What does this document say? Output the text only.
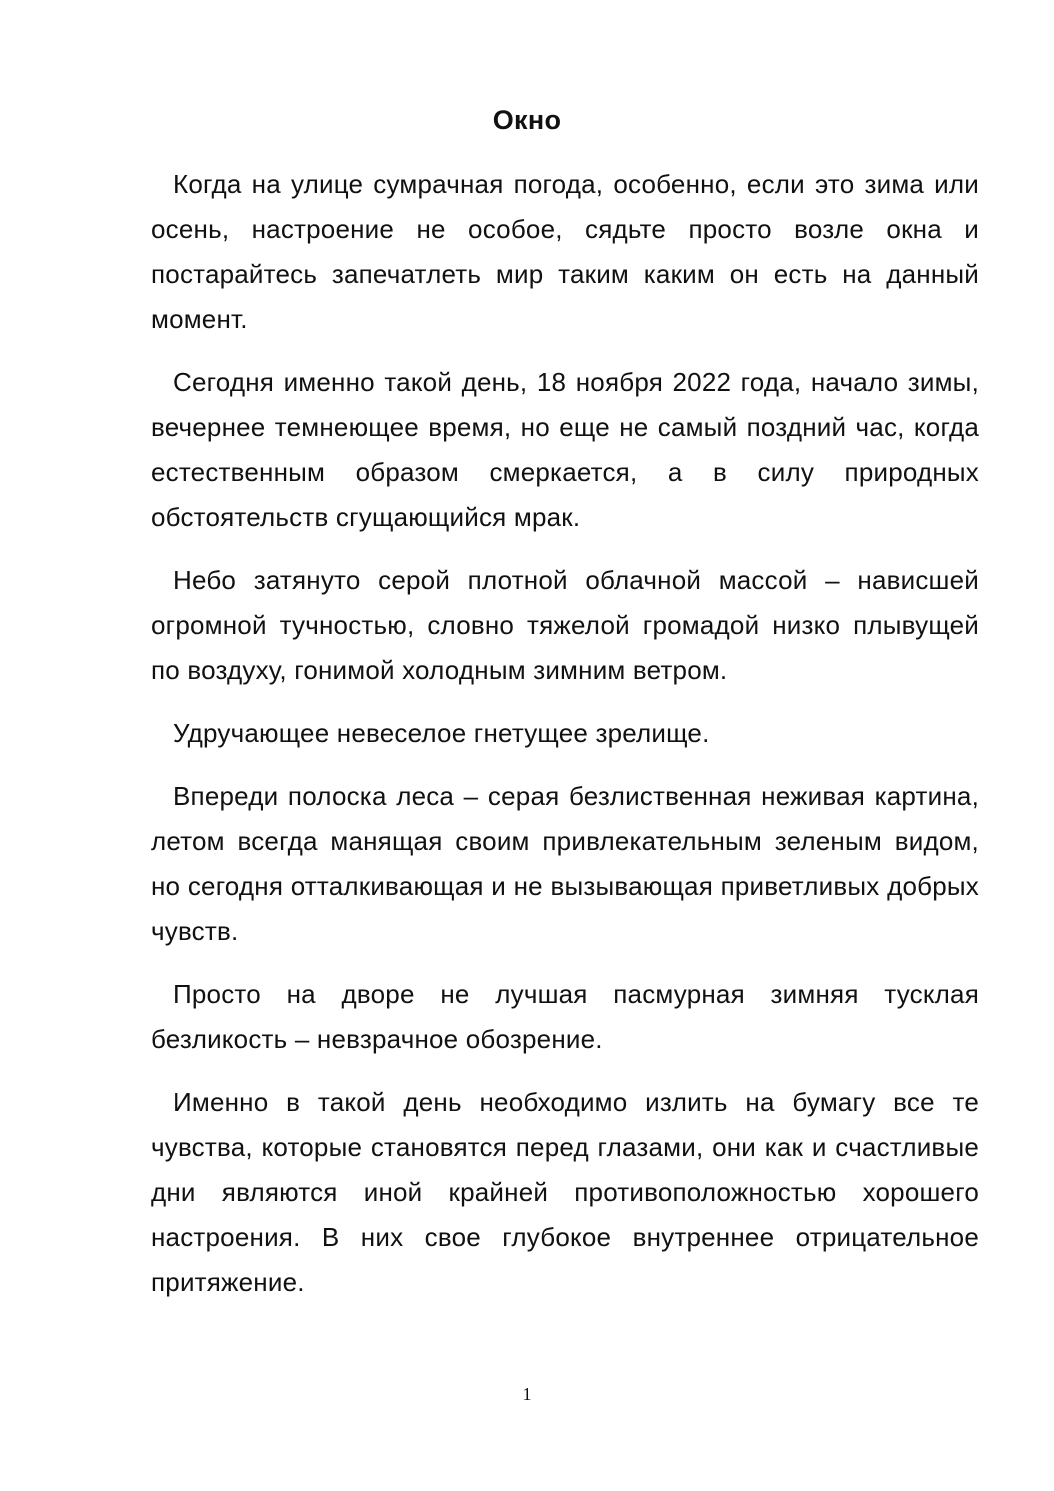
Окно

Когда на улице сумрачная погода, особенно, если это зима или осень, настроение не особое, сядьте просто возле окна и постарайтесь запечатлеть мир таким каким он есть на данный момент.

Сегодня именно такой день, 18 ноября 2022 года, начало зимы, вечернее темнеющее время, но еще не самый поздний час, когда естественным образом смеркается, а в силу природных обстоятельств сгущающийся мрак.

Небо затянуто серой плотной облачной массой – нависшей огромной тучностью, словно тяжелой громадой низко плывущей по воздуху, гонимой холодным зимним ветром.

Удручающее невеселое гнетущее зрелище.

Впереди полоска леса – серая безлиственная неживая картина, летом всегда манящая своим привлекательным зеленым видом, но сегодня отталкивающая и не вызывающая приветливых добрых чувств.

Просто на дворе не лучшая пасмурная зимняя тусклая безликость – невзрачное обозрение.

Именно в такой день необходимо излить на бумагу все те чувства, которые становятся перед глазами, они как и счастливые дни являются иной крайней противоположностью хорошего настроения. В них свое глубокое внутреннее отрицательное притяжение.

1
